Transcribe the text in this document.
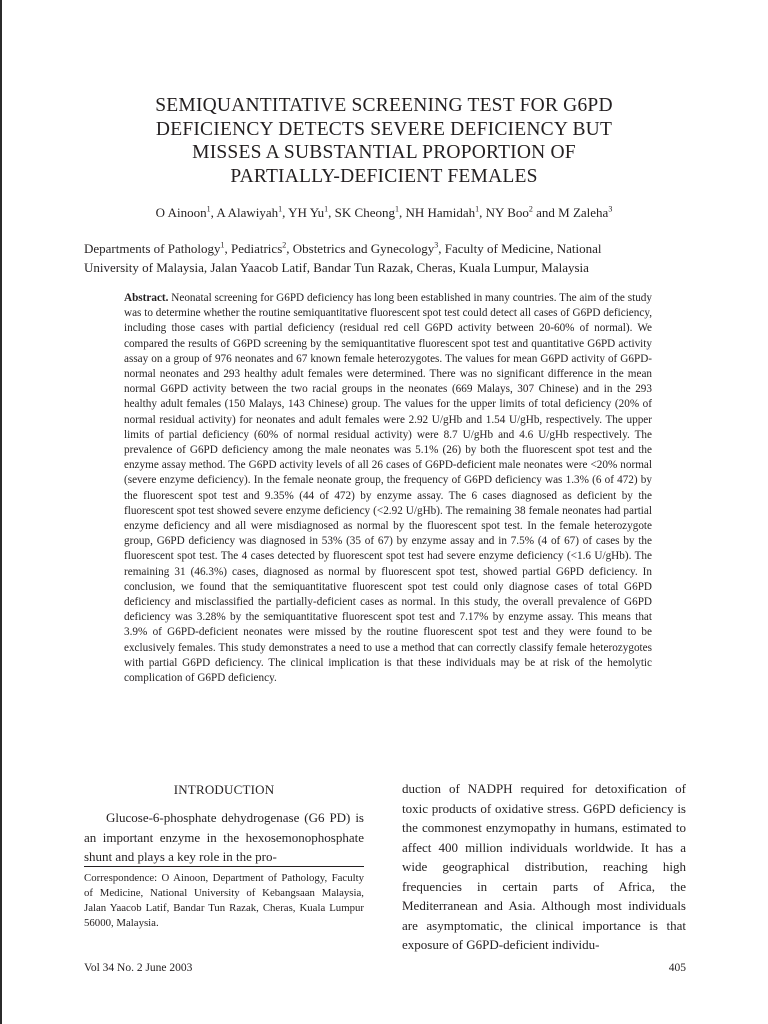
SEMIQUANTITATIVE SCREENING TEST FOR G6PD
DEFICIENCY DETECTS SEVERE DEFICIENCY BUT
MISSES A SUBSTANTIAL PROPORTION OF
PARTIALLY-DEFICIENT FEMALES
O Ainoon$^1$, A Alawiyah$^1$, YH Yu$^1$, SK Cheong$^1$, NH Hamidah$^1$, NY Boo$^2$ and M Zaleha$^3$
Departments of Pathology$^1$, Pediatrics$^2$, Obstetrics and Gynecology$^3$, Faculty of Medicine, National
University of Malaysia, Jalan Yaacob Latif, Bandar Tun Razak, Cheras, Kuala Lumpur, Malaysia
Abstract. Neonatal screening for G6PD deficiency has long been established in many countries. The aim of the study was to determine whether the routine semiquantitative fluorescent spot test could detect all cases of G6PD deficiency, including those cases with partial deficiency (residual red cell G6PD activity between 20-60% of normal). We compared the results of G6PD screening by the semiquantitative fluorescent spot test and quantitative G6PD activity assay on a group of 976 neonates and 67 known female heterozygotes. The values for mean G6PD activity of G6PD-normal neonates and 293 healthy adult females were determined. There was no significant difference in the mean normal G6PD activity between the two racial groups in the neonates (669 Malays, 307 Chinese) and in the 293 healthy adult females (150 Malays, 143 Chinese) group. The values for the upper limits of total deficiency (20% of normal residual activity) for neonates and adult females were 2.92 U/gHb and 1.54 U/gHb, respectively. The upper limits of partial deficiency (60% of normal residual activity) were 8.7 U/gHb and 4.6 U/gHb respectively. The prevalence of G6PD deficiency among the male neonates was 5.1% (26) by both the fluorescent spot test and the enzyme assay method. The G6PD activity levels of all 26 cases of G6PD-deficient male neonates were <20% normal (severe enzyme deficiency). In the female neonate group, the frequency of G6PD deficiency was 1.3% (6 of 472) by the fluorescent spot test and 9.35% (44 of 472) by enzyme assay. The 6 cases diagnosed as deficient by the fluorescent spot test showed severe enzyme deficiency (<2.92 U/gHb). The remaining 38 female neonates had partial enzyme deficiency and all were misdiagnosed as normal by the fluorescent spot test. In the female heterozygote group, G6PD deficiency was diagnosed in 53% (35 of 67) by enzyme assay and in 7.5% (4 of 67) of cases by the fluorescent spot test. The 4 cases detected by fluorescent spot test had severe enzyme deficiency (<1.6 U/gHb). The remaining 31 (46.3%) cases, diagnosed as normal by fluorescent spot test, showed partial G6PD deficiency. In conclusion, we found that the semiquantitative fluorescent spot test could only diagnose cases of total G6PD deficiency and misclassified the partially-deficient cases as normal. In this study, the overall prevalence of G6PD deficiency was 3.28% by the semiquantitative fluorescent spot test and 7.17% by enzyme assay. This means that 3.9% of G6PD-deficient neonates were missed by the routine fluorescent spot test and they were found to be exclusively females. This study demonstrates a need to use a method that can correctly classify female heterozygotes with partial G6PD deficiency. The clinical implication is that these individuals may be at risk of the hemolytic complication of G6PD deficiency.
INTRODUCTION
Glucose-6-phosphate dehydrogenase (G6 PD) is an important enzyme in the hexosemonophosphate shunt and plays a key role in the pro-
Correspondence: O Ainoon, Department of Pathology, Faculty of Medicine, National University of Kebangsaan Malaysia, Jalan Yaacob Latif, Bandar Tun Razak, Cheras, Kuala Lumpur 56000, Malaysia.
duction of NADPH required for detoxification of toxic products of oxidative stress. G6PD deficiency is the commonest enzymopathy in humans, estimated to affect 400 million individuals worldwide. It has a wide geographical distribution, reaching high frequencies in certain parts of Africa, the Mediterranean and Asia. Although most individuals are asymptomatic, the clinical importance is that exposure of G6PD-deficient individu-
Vol 34 No. 2 June 2003	405
